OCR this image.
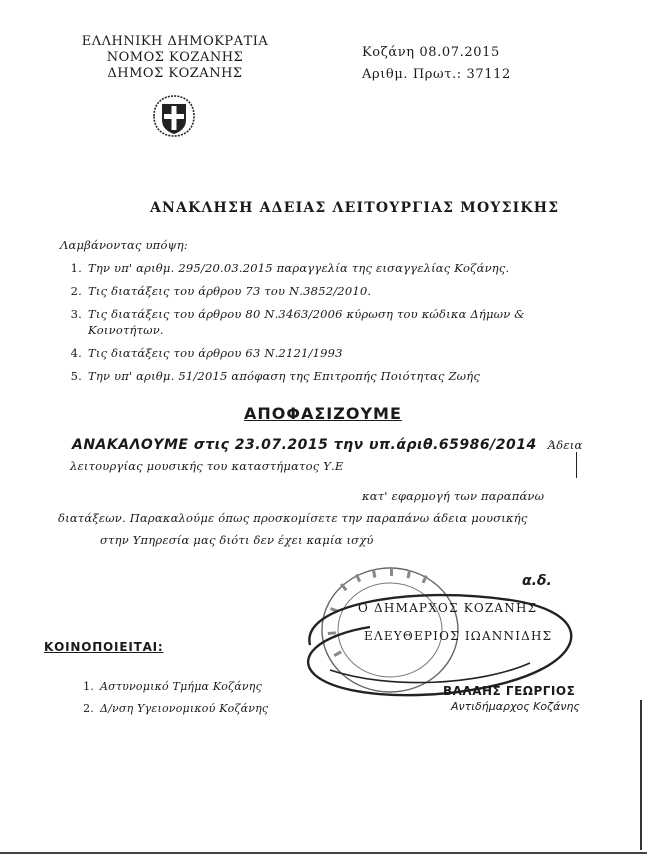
ΕΛΛΗΝΙΚΗ ΔΗΜΟΚΡΑΤΙΑ
ΝΟΜΟΣ ΚΟΖΑΝΗΣ
ΔΗΜΟΣ ΚΟΖΑΝΗΣ
Κοζάνη 08.07.2015
Αριθμ. Πρωτ.: 37112
ΑΝΑΚΛΗΣΗ ΑΔΕΙΑΣ ΛΕΙΤΟΥΡΓΙΑΣ ΜΟΥΣΙΚΗΣ
Λαμβάνοντας υπόψη:
1. Την υπ' αριθμ. 295/20.03.2015 παραγγελία της εισαγγελίας Κοζάνης.
2. Τις διατάξεις του άρθρου 73 του Ν.3852/2010.
3. Τις διατάξεις του άρθρου 80 Ν.3463/2006 κύρωση του κώδικα Δήμων &
Κοινοτήτων.
4. Τις διατάξεις του άρθρου 63 Ν.2121/1993
5. Την υπ' αριθμ. 51/2015 απόφαση της Επιτροπής Ποιότητας Ζωής
ΑΠΟΦΑΣΙΖΟΥΜΕ
ΑΝΑΚΑΛΟΥΜΕ στις 23.07.2015 την υπ.άριθ.65986/2014 Άδεια
λειτουργίας μουσικής του καταστήματος Υ.Ε
κατ' εφαρμογή των παραπάνω
διατάξεων. Παρακαλούμε όπως προσκομίσετε την παραπάνω άδεια μουσικής
στην Υπηρεσία μας διότι δεν έχει καμία ισχύ
α.δ.
Ο ΔΗΜΑΡΧΟΣ ΚΟΖΑΝΗΣ
ΕΛΕΥΘΕΡΙΟΣ ΙΩΑΝΝΙΔΗΣ
ΒΑΛΑΗΣ ΓΕΩΡΓΙΟΣ
Αντιδήμαρχος Κοζάνης
ΚΟΙΝΟΠΟΙΕΙΤΑΙ:
1. Αστυνομικό Τμήμα Κοζάνης
2. Δ/νση Υγειονομικού Κοζάνης
